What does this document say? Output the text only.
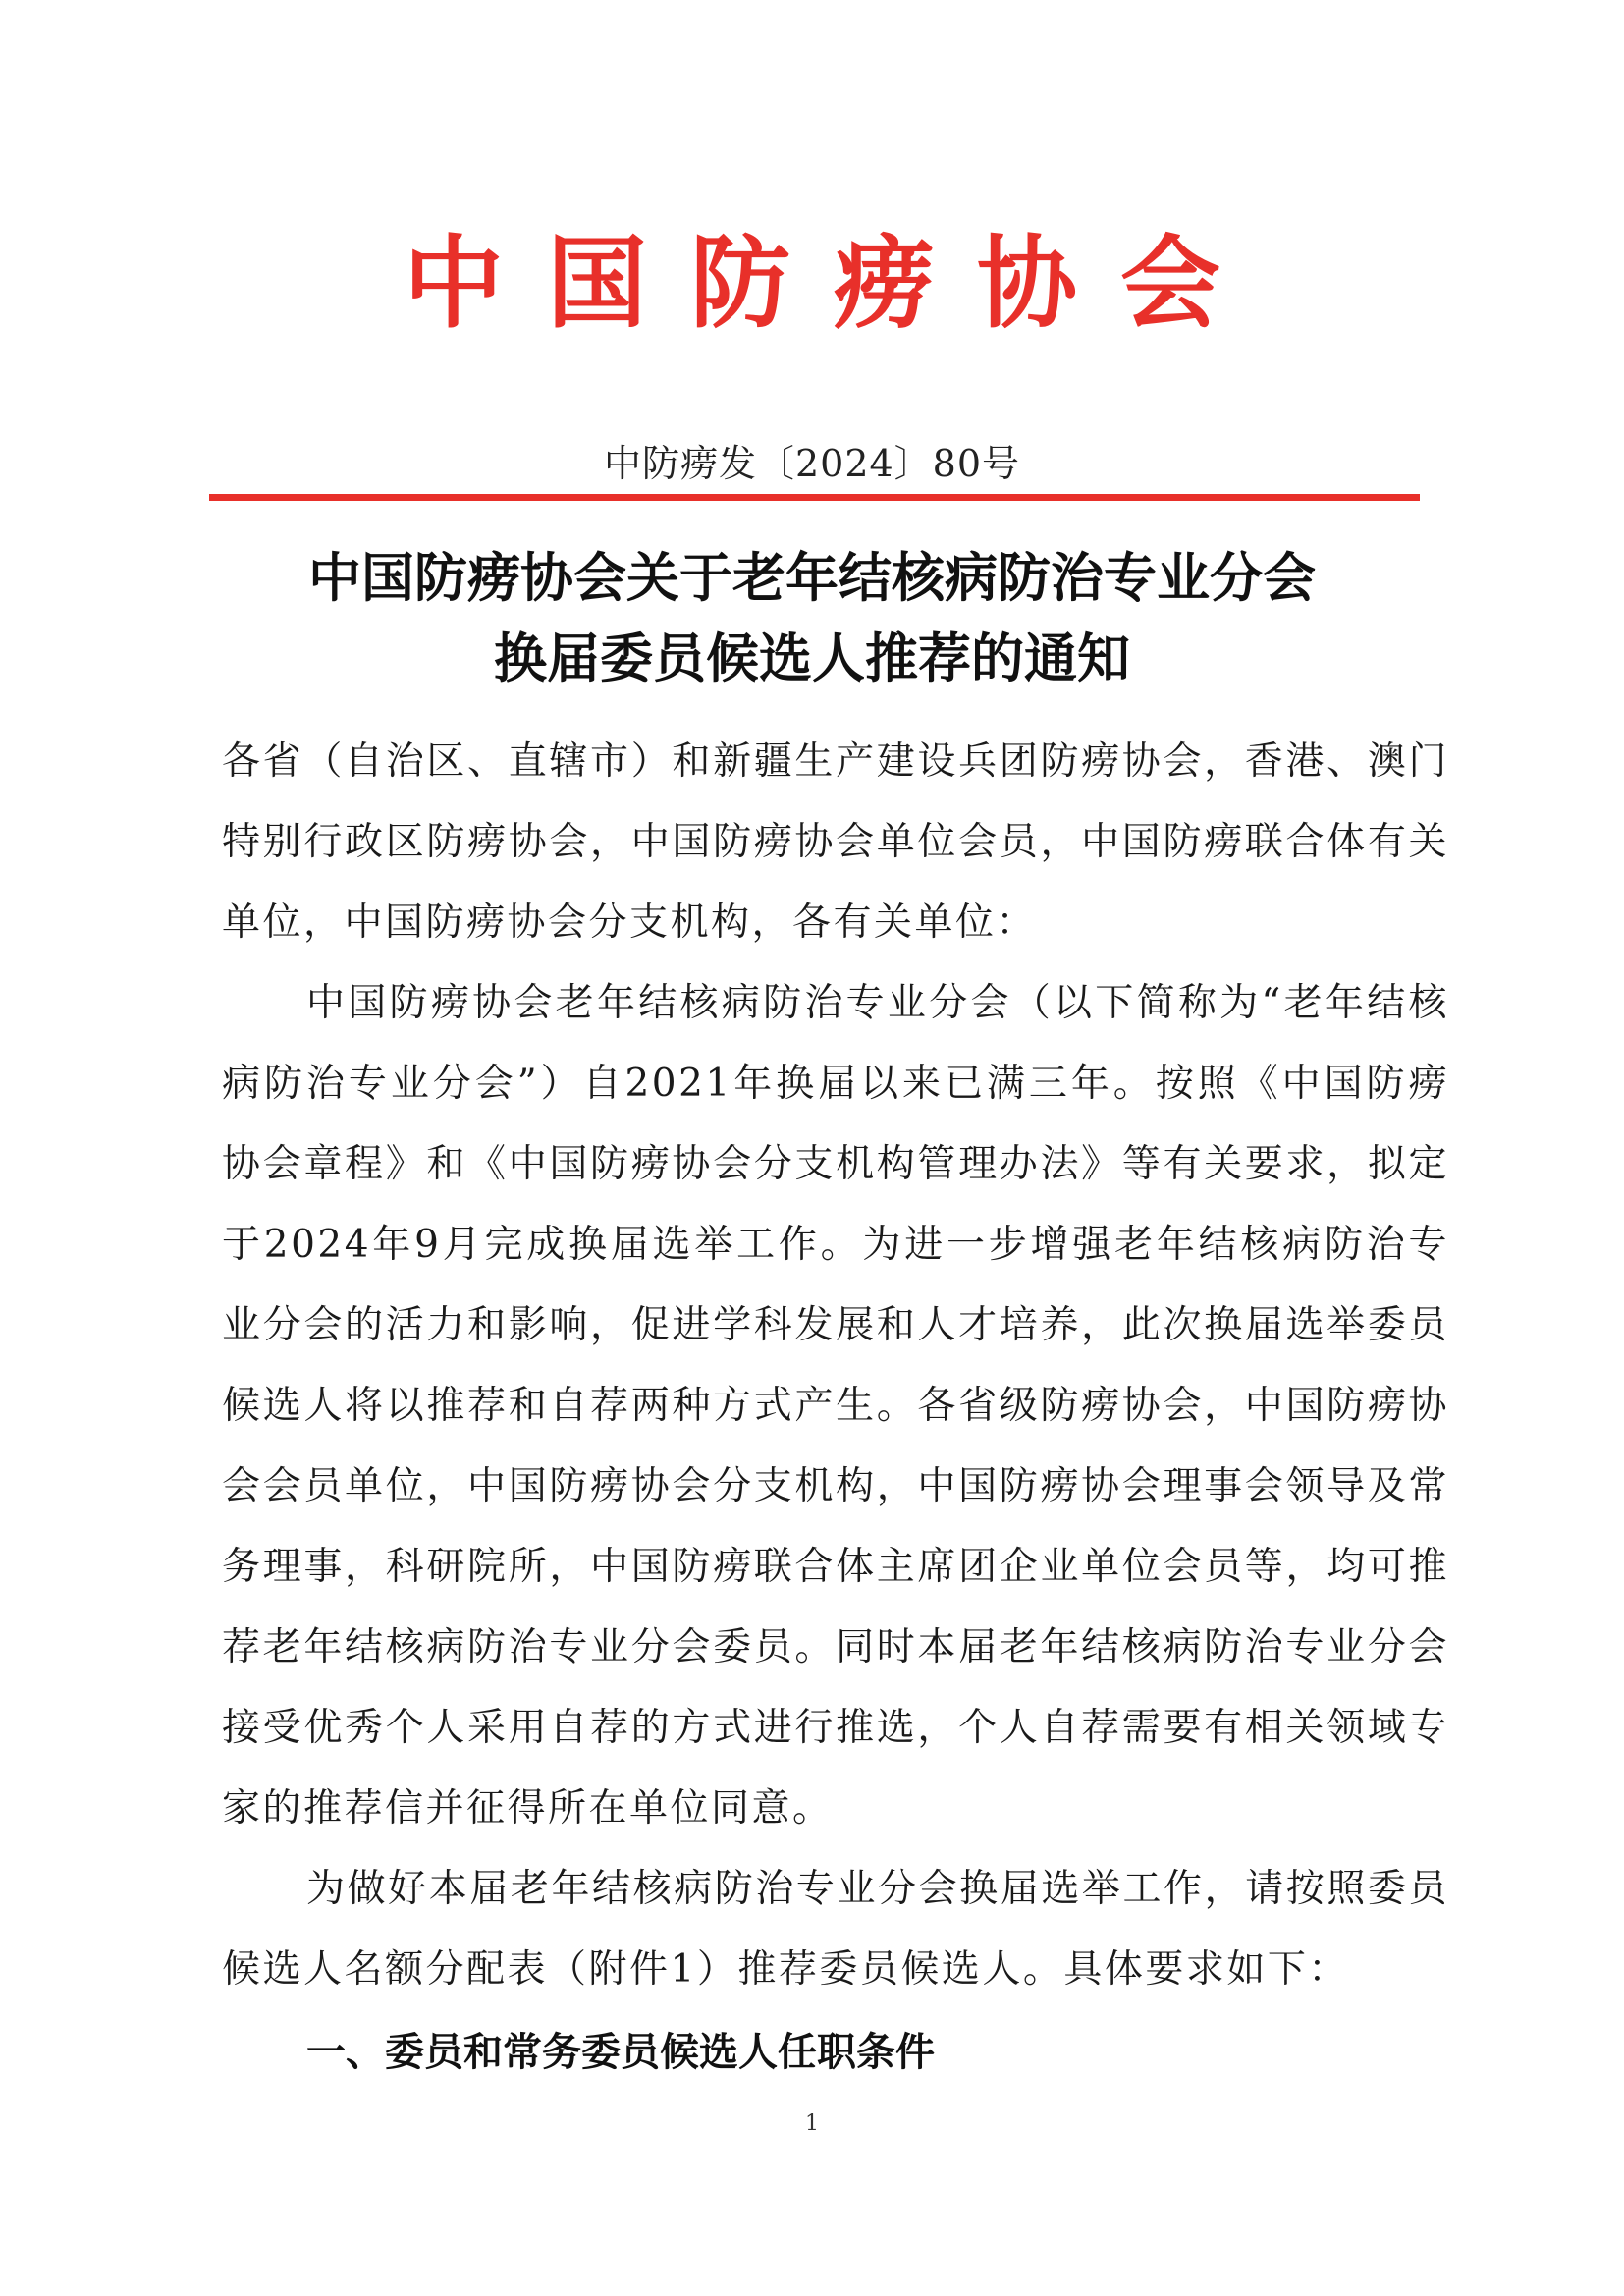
中国防痨协会
中防痨发〔2024〕80号
中国防痨协会关于老年结核病防治专业分会
换届委员候选人推荐的通知

各省（自治区、直辖市）和新疆生产建设兵团防痨协会，香港、澳门特别行政区防痨协会，中国防痨协会单位会员，中国防痨联合体有关单位，中国防痨协会分支机构，各有关单位：

中国防痨协会老年结核病防治专业分会（以下简称为“老年结核病防治专业分会”）自2021年换届以来已满三年。按照《中国防痨协会章程》和《中国防痨协会分支机构管理办法》等有关要求，拟定于2024年9月完成换届选举工作。为进一步增强老年结核病防治专业分会的活力和影响，促进学科发展和人才培养，此次换届选举委员候选人将以推荐和自荐两种方式产生。各省级防痨协会，中国防痨协会会员单位，中国防痨协会分支机构，中国防痨协会理事会领导及常务理事，科研院所，中国防痨联合体主席团企业单位会员等，均可推荐老年结核病防治专业分会委员。同时本届老年结核病防治专业分会接受优秀个人采用自荐的方式进行推选，个人自荐需要有相关领域专家的推荐信并征得所在单位同意。

为做好本届老年结核病防治专业分会换届选举工作，请按照委员候选人名额分配表（附件1）推荐委员候选人。具体要求如下：

一、委员和常务委员候选人任职条件
1
